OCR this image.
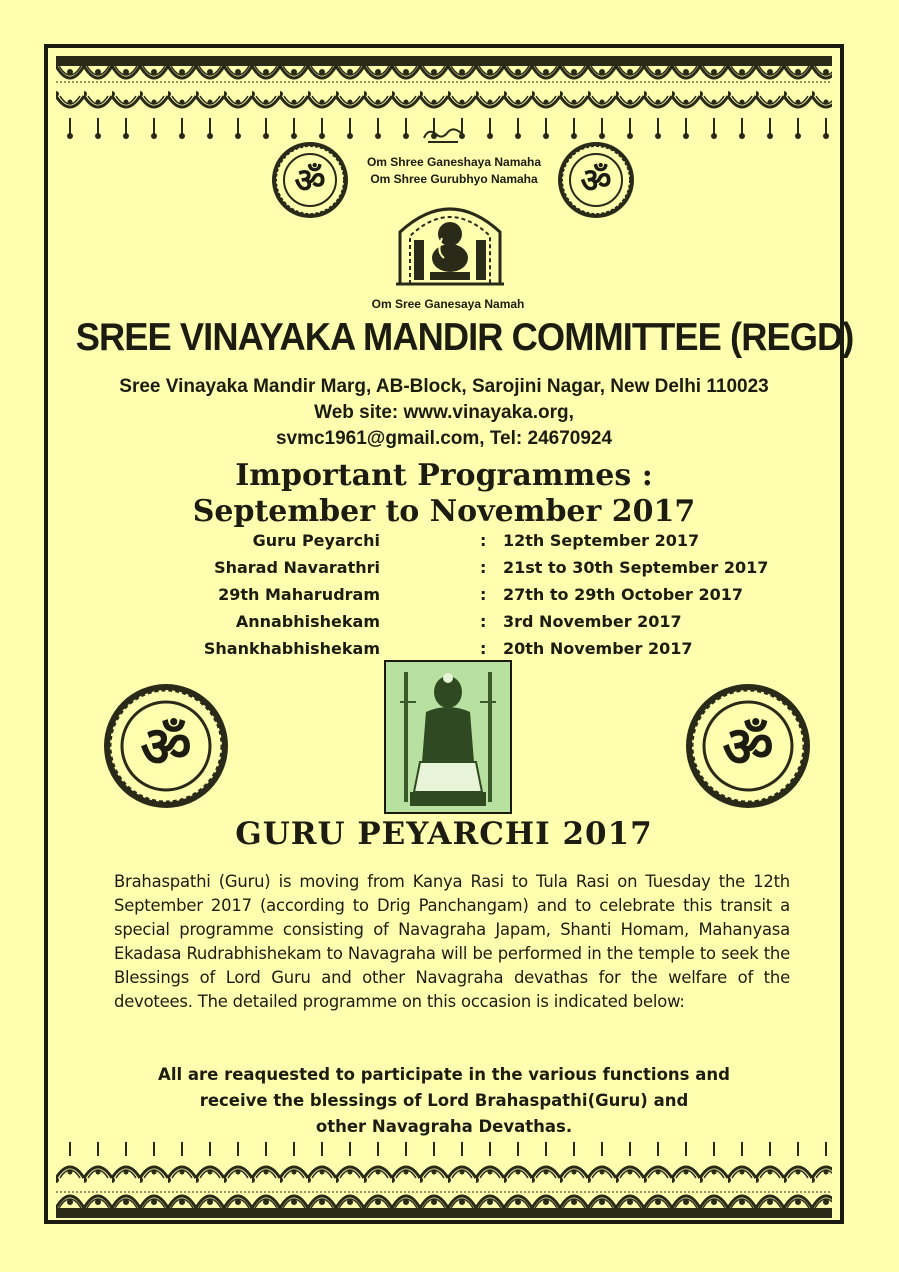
ॐ	ॐ
Om Shree Ganeshaya Namaha
Om Shree Gurubhyo Namaha
Om Sree Ganesaya Namah
SREE VINAYAKA MANDIR COMMITTEE (REGD)
Sree Vinayaka Mandir Marg, AB-Block, Sarojini Nagar, New Delhi 110023
Web site: www.vinayaka.org,
svmc1961@gmail.com, Tel: 24670924
Important Programmes :
September to November 2017
Guru Peyarchi	: 12th September 2017
Sharad Navarathri	: 21st to 30th September 2017
29th Maharudram	: 27th to 29th October 2017
Annabhishekam	: 3rd November 2017
Shankhabhishekam	: 20th November 2017
ॐ	ॐ
GURU PEYARCHI 2017

Brahaspathi (Guru) is moving from Kanya Rasi to Tula Rasi on Tuesday the 12th September 2017 (according to Drig Panchangam) and to celebrate this transit a special programme consisting of Navagraha Japam, Shanti Homam, Mahanyasa Ekadasa Rudrabhishekam to Navagraha will be performed in the temple to seek the Blessings of Lord Guru and other Navagraha devathas for the welfare of the devotees. The detailed programme on this occasion is indicated below:

All are reaquested to participate in the various functions and
receive the blessings of Lord Brahaspathi(Guru) and
other Navagraha Devathas.
